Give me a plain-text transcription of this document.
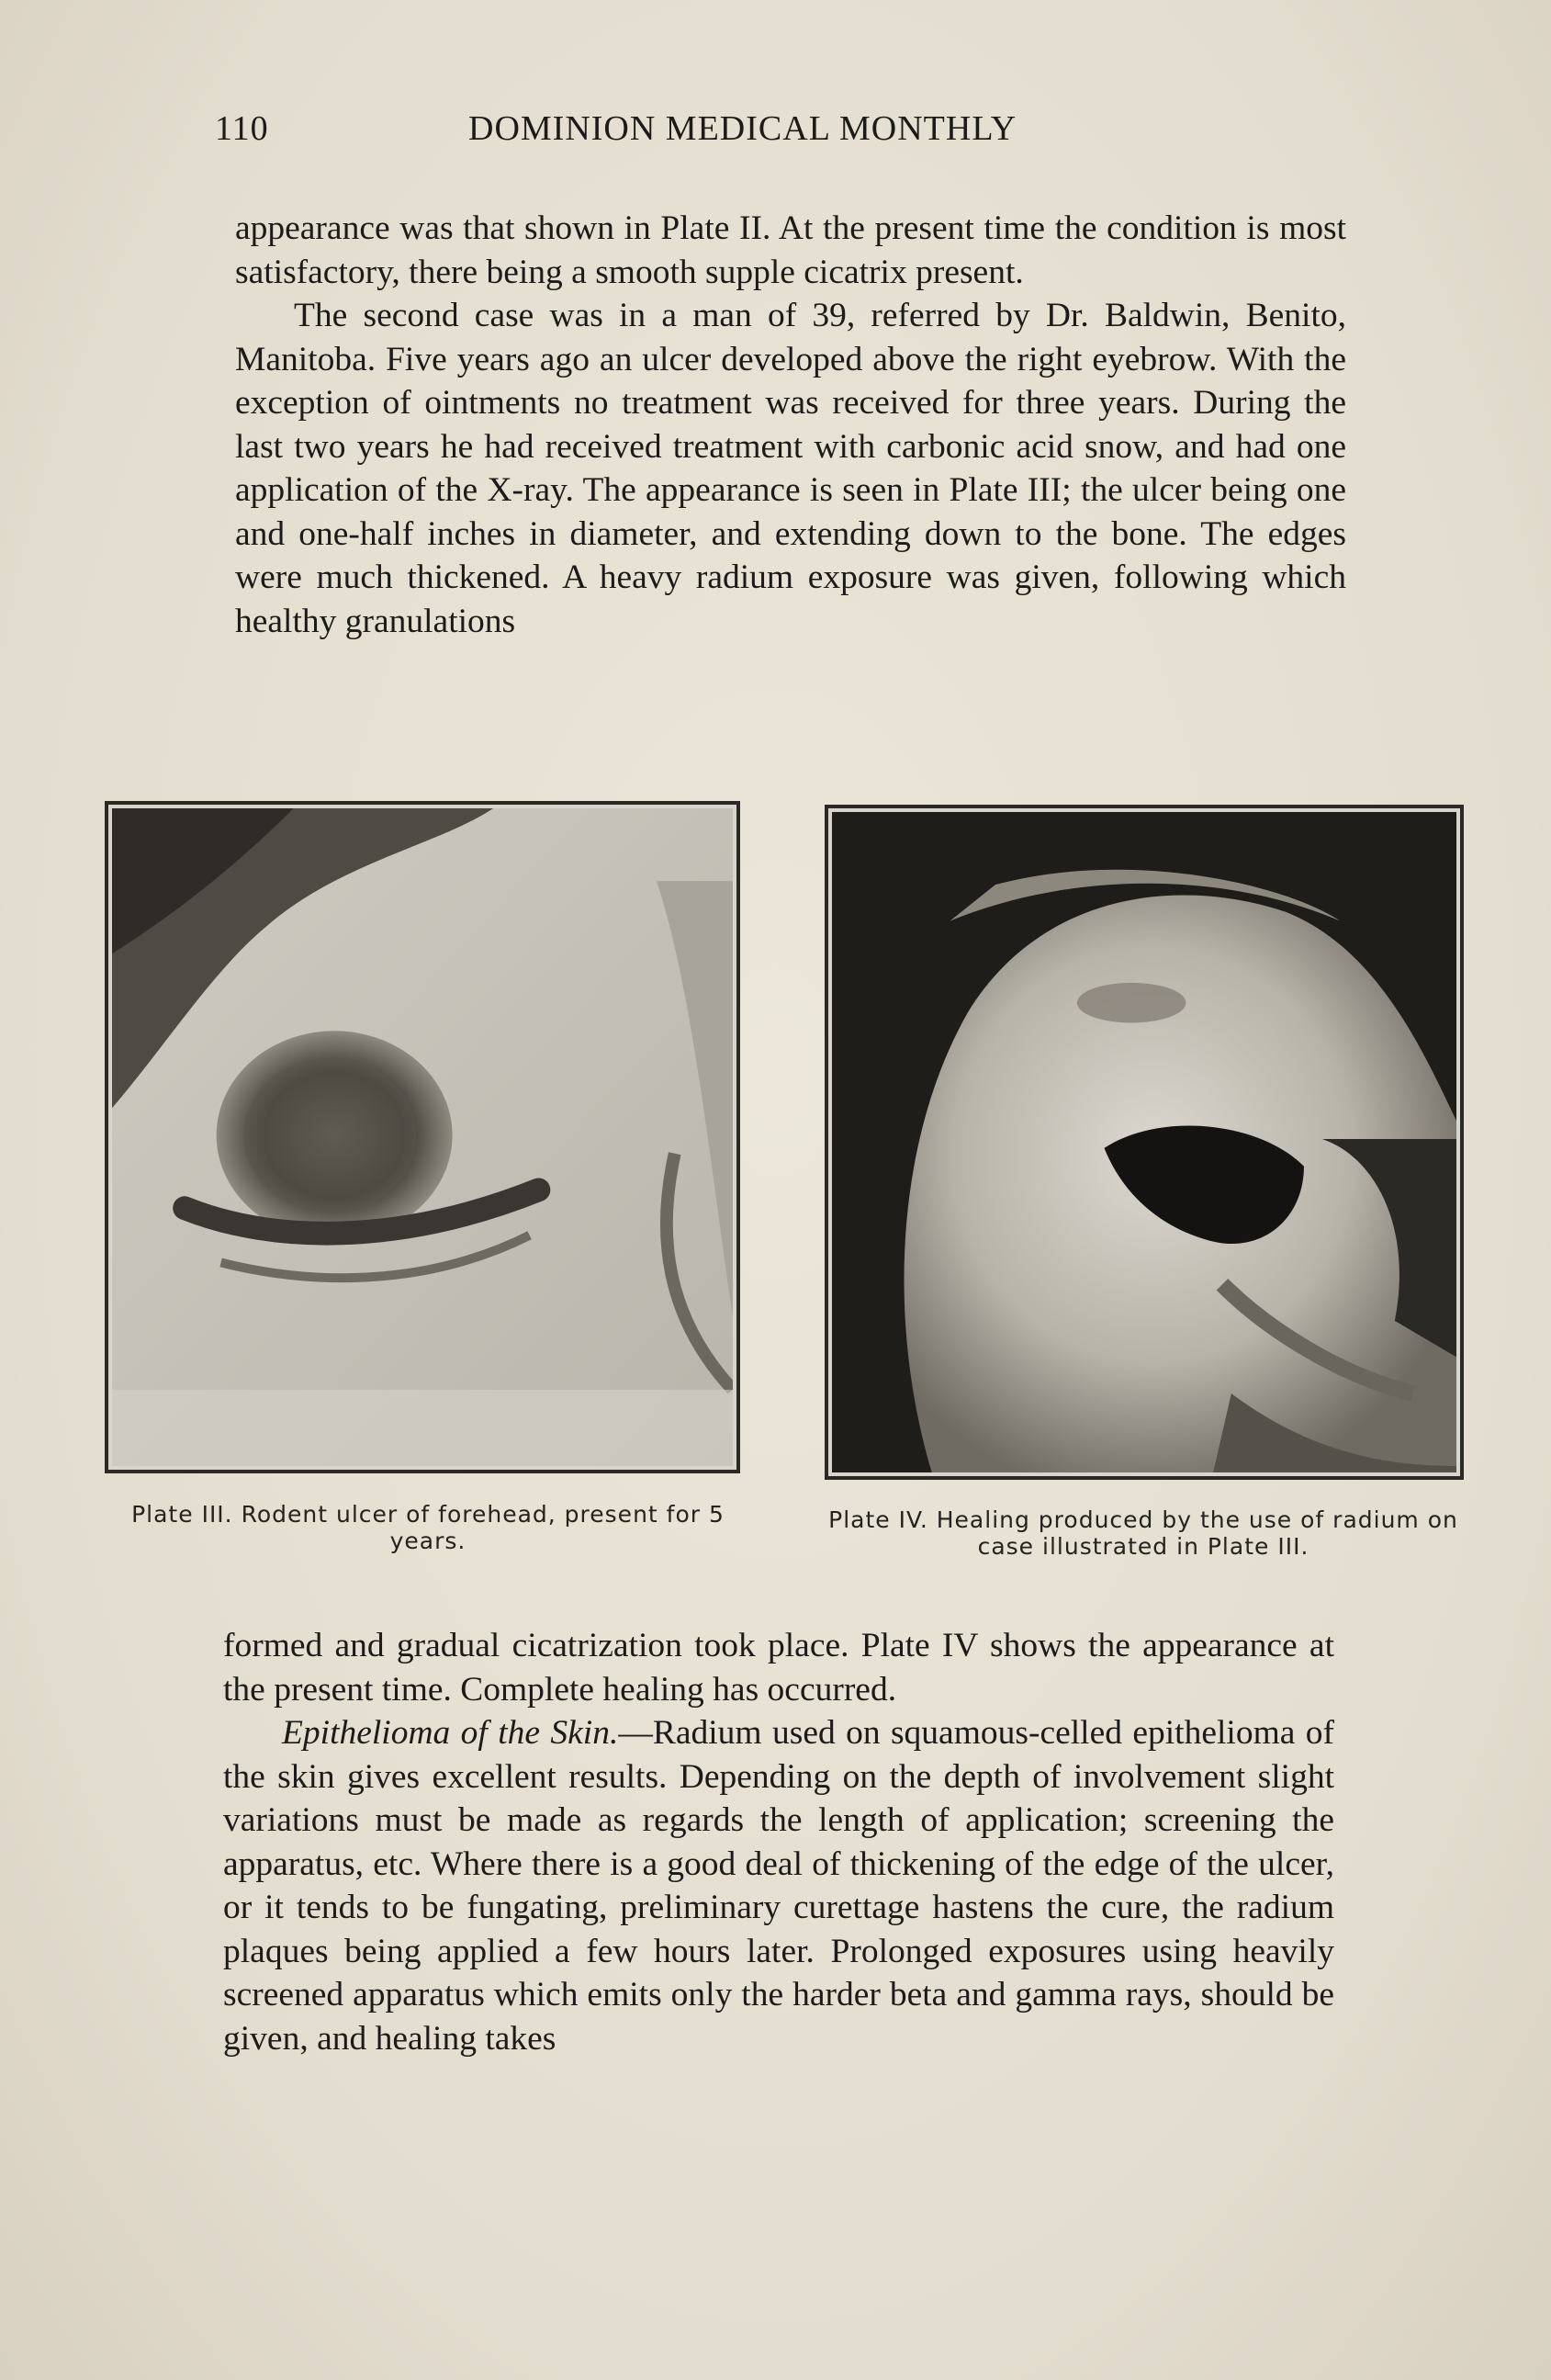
110	DOMINION MEDICAL MONTHLY

appearance was that shown in Plate II. At the present time the condition is most satisfactory, there being a smooth supple cicatrix present.

The second case was in a man of 39, referred by Dr. Baldwin, Benito, Manitoba. Five years ago an ulcer developed above the right eyebrow. With the exception of ointments no treatment was received for three years. During the last two years he had received treatment with carbonic acid snow, and had one application of the X-ray. The appearance is seen in Plate III; the ulcer being one and one-half inches in diameter, and extending down to the bone. The edges were much thickened. A heavy radium exposure was given, following which healthy granulations

Plate III. Rodent ulcer of forehead, present for 5 years.
Plate IV. Healing produced by the use of radium on case illustrated in Plate III.

formed and gradual cicatrization took place. Plate IV shows the appearance at the present time. Complete healing has occurred.

Epithelioma of the Skin.—Radium used on squamous-celled epithelioma of the skin gives excellent results. Depending on the depth of involvement slight variations must be made as regards the length of application; screening the apparatus, etc. Where there is a good deal of thickening of the edge of the ulcer, or it tends to be fungating, preliminary curettage hastens the cure, the radium plaques being applied a few hours later. Prolonged exposures using heavily screened apparatus which emits only the harder beta and gamma rays, should be given, and healing takes
